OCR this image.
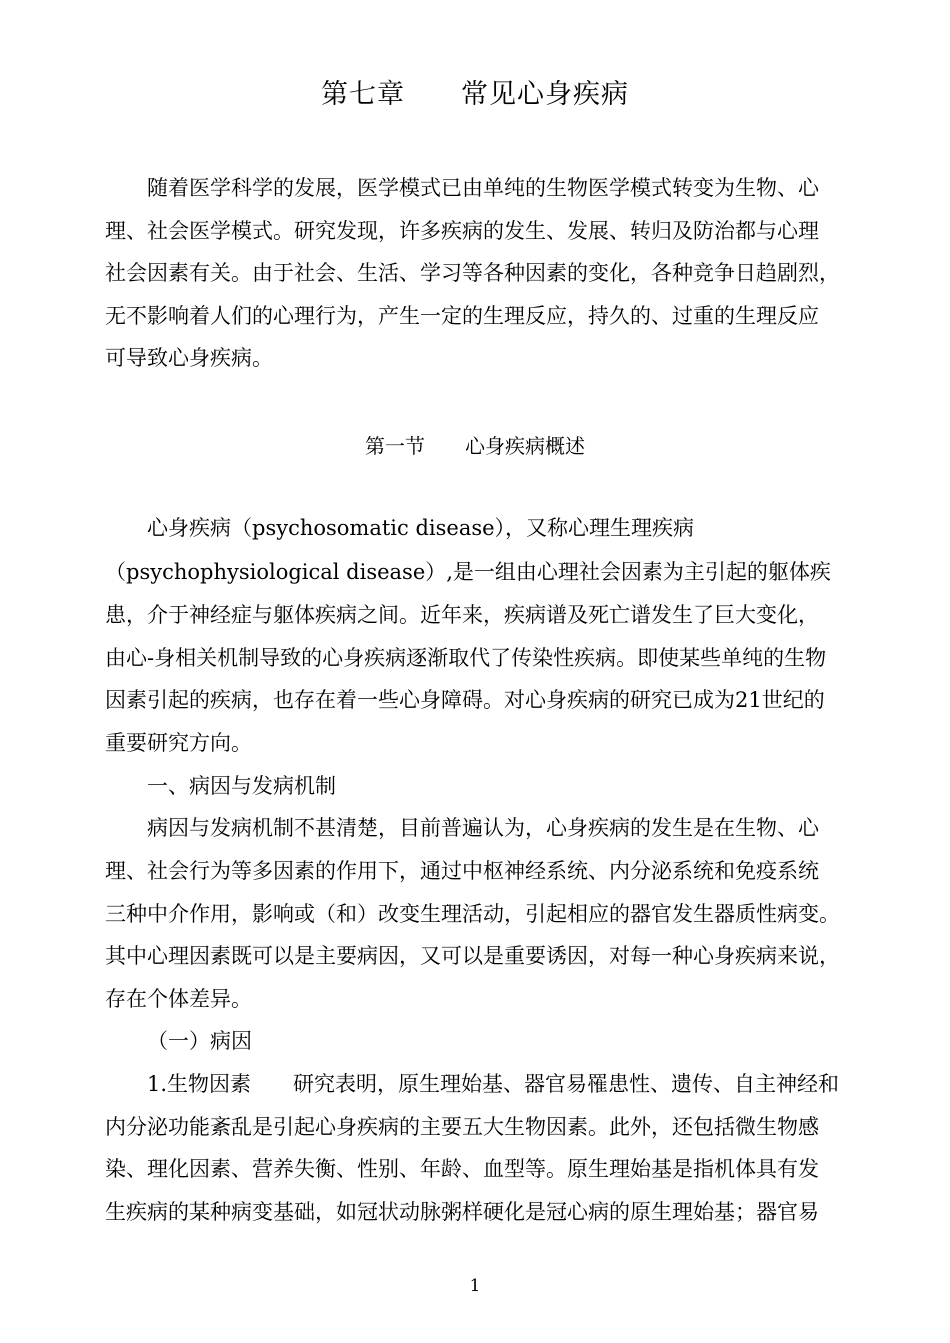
第七章　　常见心身疾病
随着医学科学的发展，医学模式已由单纯的生物医学模式转变为生物、心
理、社会医学模式。研究发现，许多疾病的发生、发展、转归及防治都与心理
社会因素有关。由于社会、生活、学习等各种因素的变化，各种竞争日趋剧烈，
无不影响着人们的心理行为，产生一定的生理反应，持久的、过重的生理反应
可导致心身疾病。
第一节　　心身疾病概述
心身疾病（psychosomatic disease），又称心理生理疾病
（psychophysiological disease）,是一组由心理社会因素为主引起的躯体疾
患，介于神经症与躯体疾病之间。近年来，疾病谱及死亡谱发生了巨大变化，
由心-身相关机制导致的心身疾病逐渐取代了传染性疾病。即使某些单纯的生物
因素引起的疾病，也存在着一些心身障碍。对心身疾病的研究已成为21世纪的
重要研究方向。
一、病因与发病机制
病因与发病机制不甚清楚，目前普遍认为，心身疾病的发生是在生物、心
理、社会行为等多因素的作用下，通过中枢神经系统、内分泌系统和免疫系统
三种中介作用，影响或（和）改变生理活动，引起相应的器官发生器质性病变。
其中心理因素既可以是主要病因，又可以是重要诱因，对每一种心身疾病来说，
存在个体差异。
（一）病因
1.生物因素　　研究表明，原生理始基、器官易罹患性、遗传、自主神经和
内分泌功能紊乱是引起心身疾病的主要五大生物因素。此外，还包括微生物感
染、理化因素、营养失衡、性别、年龄、血型等。原生理始基是指机体具有发
生疾病的某种病变基础，如冠状动脉粥样硬化是冠心病的原生理始基；器官易
1
